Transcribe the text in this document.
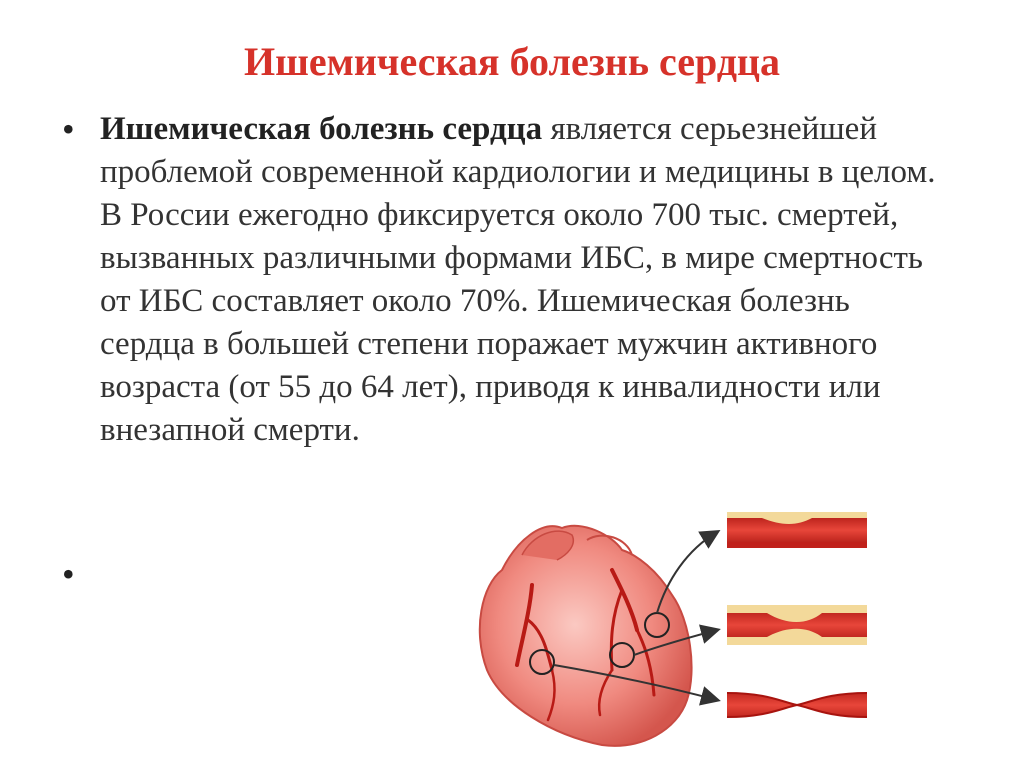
Ишемическая болезнь сердца
• Ишемическая болезнь сердца является серьезнейшей проблемой современной кардиологии и медицины в целом. В России ежегодно фиксируется около 700 тыс. смертей, вызванных различными формами ИБС, в мире смертность от ИБС составляет около 70%. Ишемическая болезнь сердца в большей степени поражает мужчин активного возраста (от 55 до 64 лет), приводя к инвалидности или внезапной смерти.

•
